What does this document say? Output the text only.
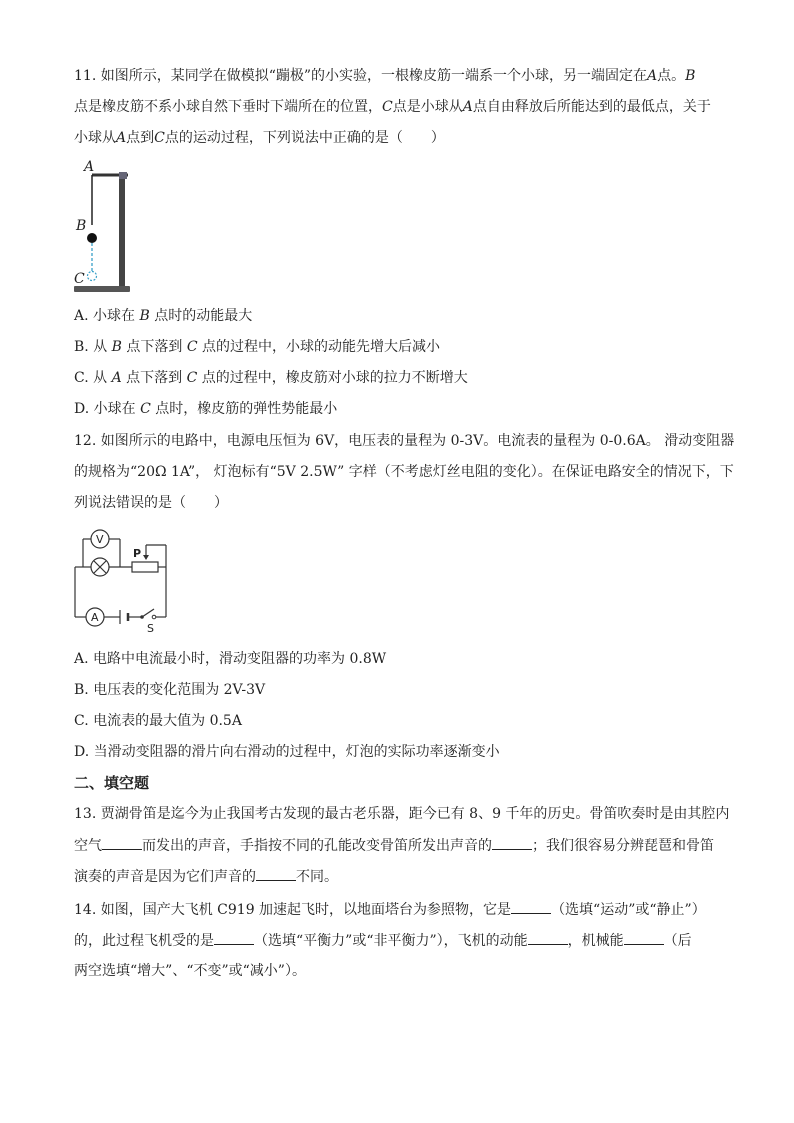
11. 如图所示，某同学在做模拟“蹦极”的小实验，一根橡皮筋一端系一个小球，另一端固定在A点。B
点是橡皮筋不系小球自然下垂时下端所在的位置，C点是小球从A点自由释放后所能达到的最低点，关于
小球从A点到C点的运动过程，下列说法中正确的是（　　）
A
B
C
A. 小球在 B 点时的动能最大
B. 从 B 点下落到 C 点的过程中，小球的动能先增大后减小
C. 从 A 点下落到 C 点的过程中，橡皮筋对小球的拉力不断增大
D. 小球在 C 点时，橡皮筋的弹性势能最小
12. 如图所示的电路中，电源电压恒为 6V，电压表的量程为 0-3V。电流表的量程为 0-0.6A。 滑动变阻器
的规格为“20Ω 1A”， 灯泡标有“5V 2.5W” 字样（不考虑灯丝电阻的变化）。在保证电路安全的情况下，下
列说法错误的是（　　）
V
A
P
S
A. 电路中电流最小时，滑动变阻器的功率为 0.8W
B. 电压表的变化范围为 2V-3V
C. 电流表的最大值为 0.5A
D. 当滑动变阻器的滑片向右滑动的过程中，灯泡的实际功率逐渐变小
二、填空题
13. 贾湖骨笛是迄今为止我国考古发现的最古老乐器，距今已有 8、9 千年的历史。骨笛吹奏时是由其腔内
空气	而发出的声音，手指按不同的孔能改变骨笛所发出声音的	；我们很容易分辨琵琶和骨笛
演奏的声音是因为它们声音的	不同。
14. 如图，国产大飞机 C919 加速起飞时，以地面塔台为参照物，它是	（选填“运动”或“静止”）
的，此过程飞机受的是	（选填“平衡力”或“非平衡力”），飞机的动能	，机械能	（后
两空选填“增大”、“不变”或“减小”）。
